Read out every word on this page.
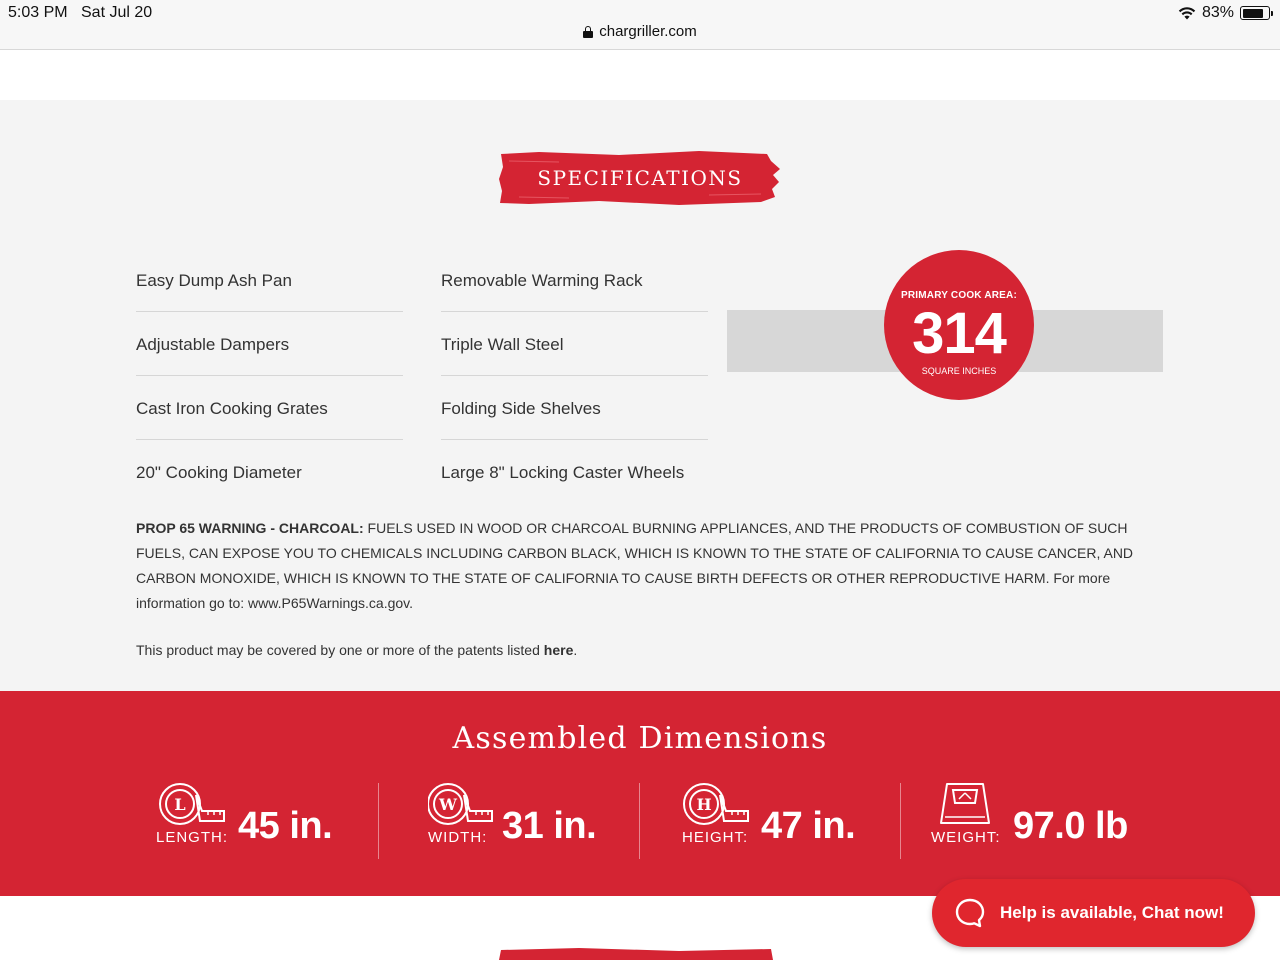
5:03 PM Sat Jul 20	83%
chargriller.com
SPECIFICATIONS
Easy Dump Ash Pan
Adjustable Dampers
Cast Iron Cooking Grates
20" Cooking Diameter
Removable Warming Rack
Triple Wall Steel
Folding Side Shelves
Large 8" Locking Caster Wheels
PRIMARY COOK AREA:
314
SQUARE INCHES

PROP 65 WARNING - CHARCOAL: FUELS USED IN WOOD OR CHARCOAL BURNING APPLIANCES, AND THE PRODUCTS OF COMBUSTION OF SUCH FUELS, CAN EXPOSE YOU TO CHEMICALS INCLUDING CARBON BLACK, WHICH IS KNOWN TO THE STATE OF CALIFORNIA TO CAUSE CANCER, AND CARBON MONOXIDE, WHICH IS KNOWN TO THE STATE OF CALIFORNIA TO CAUSE BIRTH DEFECTS OR OTHER REPRODUCTIVE HARM. For more information go to: www.P65Warnings.ca.gov.

This product may be covered by one or more of the patents listed here.

Assembled Dimensions
L
LENGTH: 45 in.
W
WIDTH: 31 in.
H
HEIGHT: 47 in.	WEIGHT: 97.0 lb
Help is available, Chat now!
